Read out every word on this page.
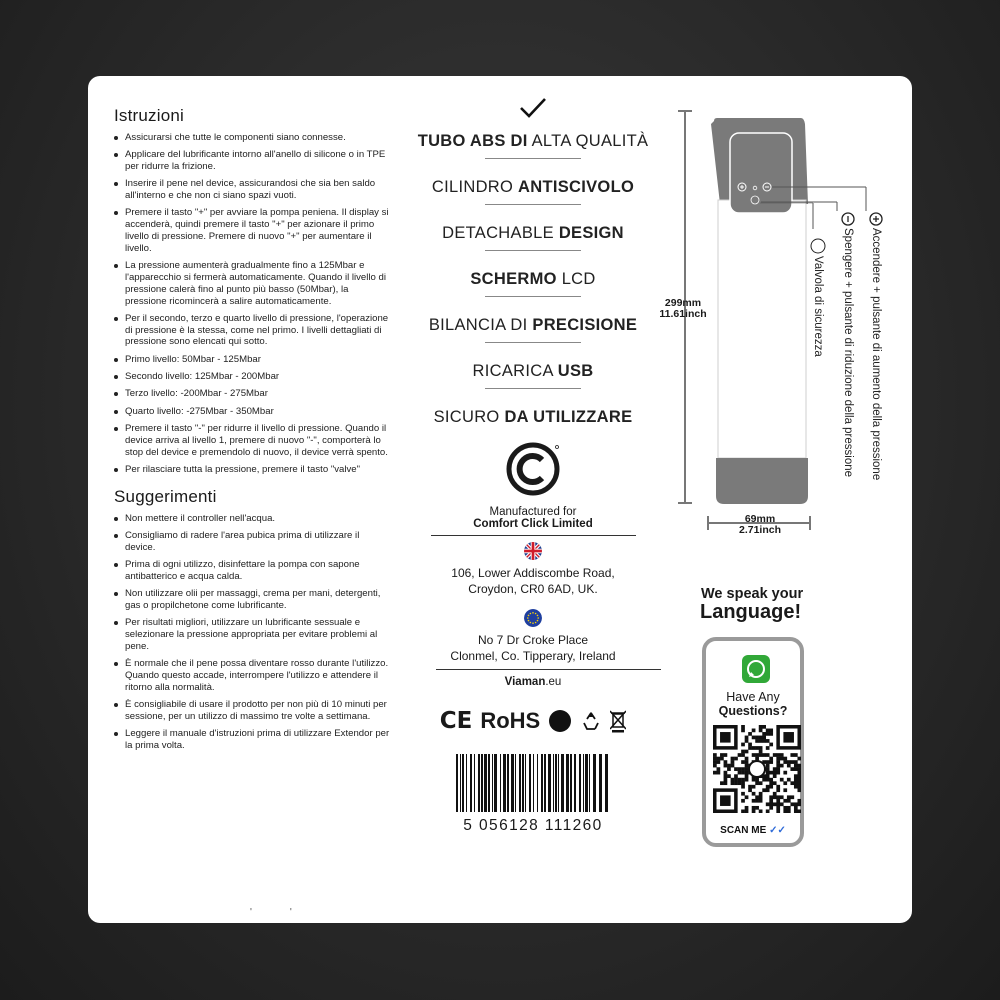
Istruzioni
Assicurarsi che tutte le componenti siano connesse.
Applicare del lubrificante intorno all'anello di silicone o in TPE per ridurre la frizione.
Inserire il pene nel device, assicurandosi che sia ben saldo all'interno e che non ci siano spazi vuoti.
Premere il tasto "+" per avviare la pompa peniena. Il display si accenderà, quindi premere il tasto "+" per azionare il primo livello di pressione. Premere di nuovo "+" per aumentare il livello.
La pressione aumenterà gradualmente fino a 125Mbar e l'apparecchio si fermerà automaticamente. Quando il livello di pressione calerà fino al punto più basso (50Mbar), la pressione ricomincerà a salire automaticamente.
Per il secondo, terzo e quarto livello di pressione, l'operazione di pressione è la stessa, come nel primo. I livelli dettagliati di pressione sono elencati qui sotto.
Primo livello: 50Mbar - 125Mbar
Secondo livello: 125Mbar - 200Mbar
Terzo livello: -200Mbar - 275Mbar
Quarto livello: -275Mbar - 350Mbar
Premere il tasto "-" per ridurre il livello di pressione. Quando il device arriva al livello 1, premere di nuovo "-", comporterà lo stop del device e premendolo di nuovo, il device verrà spento.
Per rilasciare tutta la pressione, premere il tasto "valve"
Suggerimenti
Non mettere il controller nell'acqua.
Consigliamo di radere l'area pubica prima di utilizzare il device.
Prima di ogni utilizzo, disinfettare la pompa con sapone antibatterico e acqua calda.
Non utilizzare olii per massaggi, crema per mani, detergenti, gas o propilchetone come lubrificante.
Per risultati migliori, utilizzare un lubrificante sessuale e selezionare la pressione appropriata per evitare problemi al pene.
È normale che il pene possa diventare rosso durante l'utilizzo. Quando questo accade, interrompere l'utilizzo e attendere il ritorno alla normalità.
È consigliabile di usare il prodotto per non più di 10 minuti per sessione, per un utilizzo di massimo tre volte a settimana.
Leggere il manuale d'istruzioni prima di utilizzare Extendor per la prima volta.
TUBO ABS DI ALTA QUALITÀ
CILINDRO ANTISCIVOLO
DETACHABLE DESIGN
SCHERMO LCD
BILANCIA DI PRECISIONE
RICARICA USB
SICURO DA UTILIZZARE
Manufactured for
Comfort Click Limited
106, Lower Addiscombe Road,
Croydon, CR0 6AD, UK.
No 7 Dr Croke Place
Clonmel, Co. Tipperary, Ireland
Viaman.eu
CE RoHS
5 056128 111260
299mm
11.61inch
69mm
2.71inch
Accendere + pulsante di aumento della pressione
Spengere + pulsante di riduzione della pressione
Valvola di sicurezza
We speak your
Language!
Have Any
Questions?
SCAN ME ✓✓
''
